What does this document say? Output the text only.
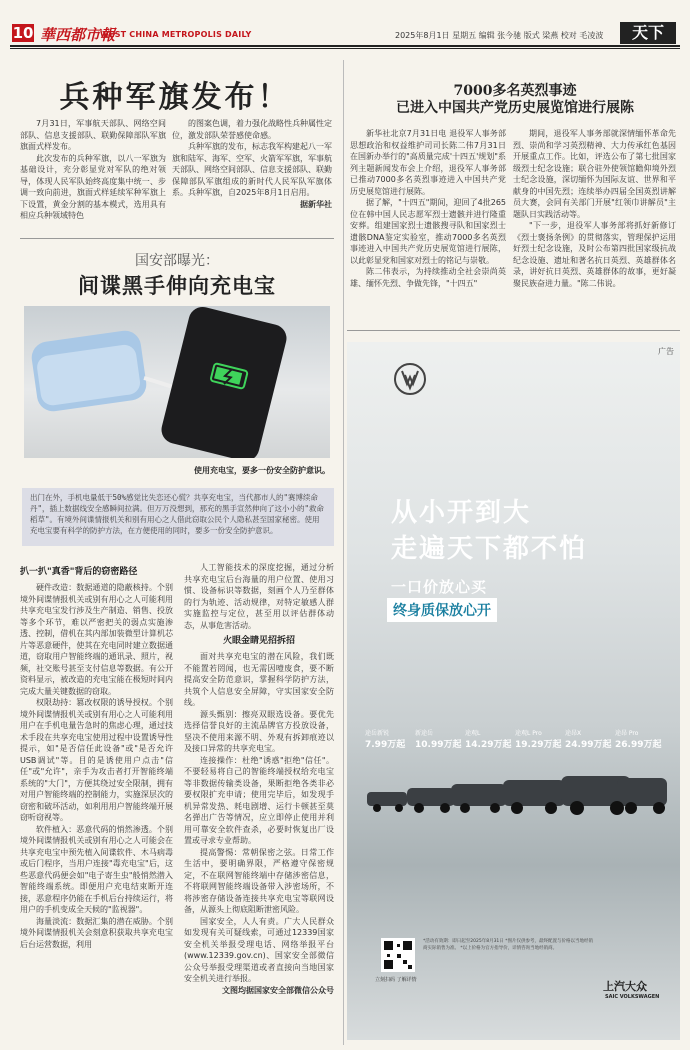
10 華西都市報
WEST CHINA METROPOLIS DAILY	2025年8月1日 星期五 编辑 张今驰 版式 梁燕 校对 毛凌波	天下
兵种军旗发布！

7月31日，军事航天部队、网络空间部队、信息支援部队、联勤保障部队军旗旗面式样发布。

此次发布的兵种军旗，以八一军旗为基础设计，充分彰显党对军队的绝对领导，体现人民军队始终高度集中统一、步调一致向前进，旗面式样延续军种军旗上下设置，黄金分割的基本模式，选用具有相应兵种领域特色

的图案色调，着力强化战略性兵种属性定位，激发部队荣誉感使命感。

兵种军旗的发布，标志我军构建起八一军旗和陆军、海军、空军、火箭军军旗，军事航天部队、网络空间部队、信息支援部队、联勤保障部队军旗组成的新时代人民军队军旗体系。兵种军旗，自2025年8月1日启用。

据新华社
国安部曝光：
间谍黑手伸向充电宝
使用充电宝，要多一份安全防护意识。
出门在外，手机电量低于50%感觉比失恋还心慌？共享充电宝，当代都市人的"赛博续命丹"，插上数据线安全感瞬间拉满。但万万没想到，那充的黑手宣然伸向了这小小的"救命稻草"。有境外间谍情报机关和别有用心之人借此窃取公民个人隐私甚至国家秘密。使用充电宝要有科学的防护方法，在方便使用的同时，要多一份安全防护意识。
扒一扒"真香"背后的窃密路径

硬件改造：数据通道的隐蔽核持。个别境外间谍情报机关或别有用心之人可能利用共享充电宝发行涉及生产制造、销售、投放等多个环节，难以严密把关的弱点实施渗透、控制，借机在其内部加装微型计算机芯片等恶意硬件，使其在充电同时建立数据通道，窃取用户智能终端的通讯录、照片，视频，社交账号甚至支付信息等数据。有公开资料显示，被改造的充电宝能在极短时间内完成大量关键数据的窃取。

权限劫持：篡改权限的诱导授权。个别境外间谍情报机关或别有用心之人可能利用用户在手机电量告急时的焦虑心理，通过技术手段在共享充电宝使用过程中设置诱导性提示，如"是否信任此设备"或"是否允许USB调试"等。目的是诱使用户点击"信任"或"允许"，亲手为攻击者打开智能终端系统的"大门"，方便其绕过安全限制，拥有对用户智能终端的控制能力，实施深层次的窃密和破坏活动，如利用用户智能终端开展窃听窃视等。

软件植入：恶意代码的悄然渗透。个别境外间谍情报机关或别有用心之人可能会在共享充电宝中预先植入间谍软件、木马病毒或后门程序，当用户连接"毒充电宝"后，这些恶意代码便会如"电子寄生虫"般悄然潜入智能终端系统。即便用户充电结束断开连接，恶意程序仍能在手机后台持续运行，将用户的手机变成全天候的"监视器"。

海量淡流：数据汇集的潜在威胁。个别境外间谍情报机关会刻意积获取共享充电宝后台运营数据，利用

人工智能技术的深度挖掘，通过分析共享充电宝后台海量的用户位置、使用习惯、设备标识等数据，刻画个人乃至群体的行为轨迹、活动规律，对特定敏感人群实施监控与定位，甚至用以评估群体动态，从事危害活动。

火眼金睛见招拆招

面对共享充电宝的潜在风险，我们既不能置若罔闻，也无需因噎废食，要不断提高安全防范意识，掌握科学防护方法，共筑个人信息安全屏障，守实国家安全防线。

源头甄别：擦亮双眼选设备。要优先选择信誉良好的主流品牌官方投放设备，坚决不使用来源不明、外观有拆卸痕迹以及接口异常的共享充电宝。

连接操作：杜绝"诱惑"拒绝"信任"。不要轻易将自己的智能终端授权给充电宝等非数据传输类设备，果断拒绝各类非必要权限扩充申请；使用完毕后，如发现手机异常发热、耗电剧增、运行卡顿甚至莫名弹出广告等情况，应立即停止使用并利用可靠安全软件查杀，必要时恢复出厂设置或寻求专业帮助。

提高警惕：常朝保密之弦。日常工作生活中，要明确界限，严格遵守保密规定，不在联网智能终端中存储涉密信息，不将联网智能终端设备带入涉密场所，不将涉密存储设备连接共享充电宝等联网设备，从源头上彻底阻断泄密风险。

国家安全，人人有责。广大人民群众如发现有关可疑线索，可通过12339国家安全机关举报受理电话、网络举报平台(www.12339.gov.cn)、国家安全部微信公众号举报受理渠道或者直接向当地国家安全机关进行举报。

文图均据国家安全部微信公众号
7000多名英烈事迹
已进入中国共产党历史展览馆进行展陈

新华社北京7月31日电 退役军人事务部思想政治和权益维护司司长陈二伟7月31日在国新办举行的"高质量完成'十四五'规划"系列主题新闻发布会上介绍，退役军人事务部已推动7000多名英烈事迹进入中国共产党历史展览馆进行展陈。

据了解，"十四五"期间，迎回了4批265位在韩中国人民志愿军烈士遗骸并进行隆重安葬。组建国家烈士遗骸搜寻队和国家烈士遗骸DNA鉴定实验室，推动7000多名英烈事迹进入中国共产党历史展览馆进行展陈，以此彰显党和国家对烈士的铭记与崇敬。

陈二伟表示，为持续推动全社会崇尚英雄、缅怀先烈、争做先锋，"十四五"

期间，退役军人事务部就深情缅怀革命先烈、崇尚和学习英烈精神、大力传承红色基因开展重点工作。比如，评选公布了第七批国家级烈士纪念设施；联合驻外使领馆瞻仰境外烈士纪念设施，深切缅怀为国际友谊、世界和平献身的中国先烈；连续举办四届全国英烈讲解员大赛，会同有关部门开展"红领巾讲解员"主题队日实践活动等。

"下一步，退役军人事务部将抓好新修订《烈士褒扬条例》的贯彻落实，管理保护运用好烈士纪念设施，及时公布第四批国家级抗战纪念设施、遗址和著名抗日英烈、英雄群体名录，讲好抗日英烈、英雄群体的故事，更好凝聚民族奋进力量。"陈二伟说。

广告
从小开到大
走遍天下都不怕
一口价放心买
终身质保放心开
途岳新锐
7.99万起
新途岳
10.99万起
途观L
14.29万起
途观L Pro
19.29万起
途昂X
24.99万起
途昂 Pro
26.99万起
立刻扫码 了解详情
*活动有效期：即日起至2025年8月31日 *图片仅供参考，最终配置与价格以当地经销商实际销售为准。 *以上价格为官方指导价，详情咨询当地经销商。
上汽大众
SAIC VOLKSWAGEN
